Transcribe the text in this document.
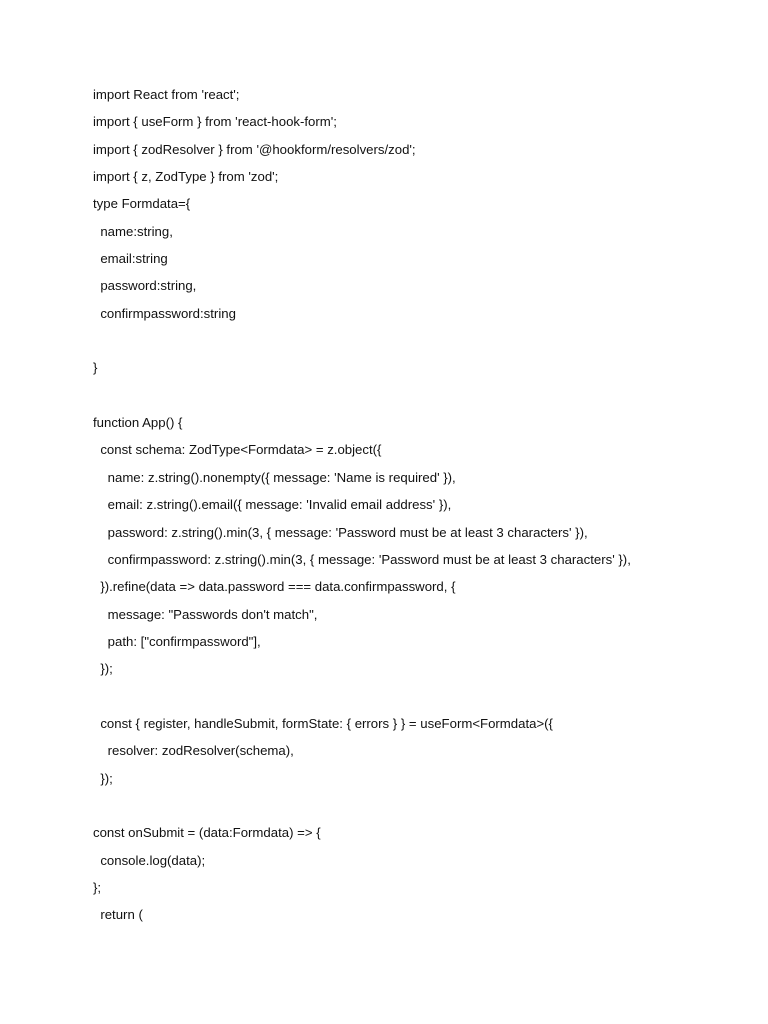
import React from 'react';
import { useForm } from 'react-hook-form';
import { zodResolver } from '@hookform/resolvers/zod';
import { z, ZodType } from 'zod';
type Formdata={
name:string,
email:string
password:string,
confirmpassword:string
}
function App() {
const schema: ZodType<Formdata> = z.object({
name: z.string().nonempty({ message: 'Name is required' }),
email: z.string().email({ message: 'Invalid email address' }),
password: z.string().min(3, { message: 'Password must be at least 3 characters' }),
confirmpassword: z.string().min(3, { message: 'Password must be at least 3 characters' }),
}).refine(data => data.password === data.confirmpassword, {
message: "Passwords don't match",
path: ["confirmpassword"],
});
const { register, handleSubmit, formState: { errors } } = useForm<Formdata>({
resolver: zodResolver(schema),
});
const onSubmit = (data:Formdata) => {
console.log(data);
};
return (
